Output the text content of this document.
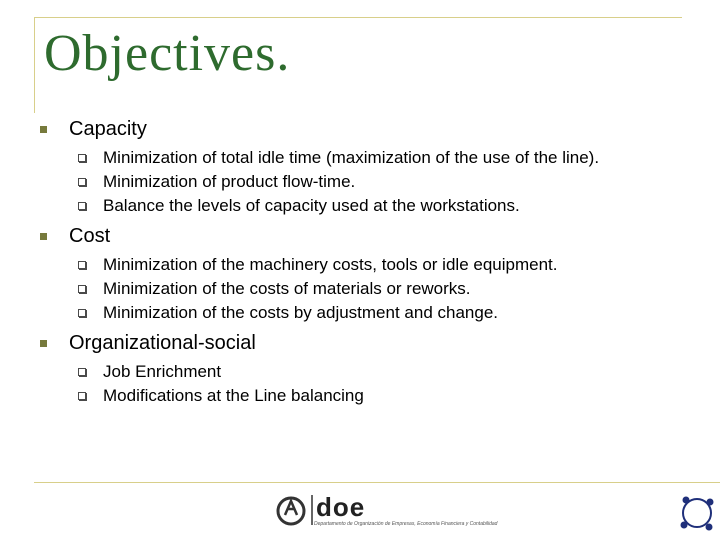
Objectives.
Capacity
Minimization of total idle time (maximization of the use of the line).
Minimization of product flow-time.
Balance the levels of capacity used at the workstations.
Cost
Minimization of the machinery costs, tools or idle equipment.
Minimization of the costs of materials or reworks.
Minimization of the costs by adjustment and change.
Organizational-social
Job Enrichment
Modifications at the Line balancing
doe
Departamento de Organización de Empresas, Economía Financiera y Contabilidad
